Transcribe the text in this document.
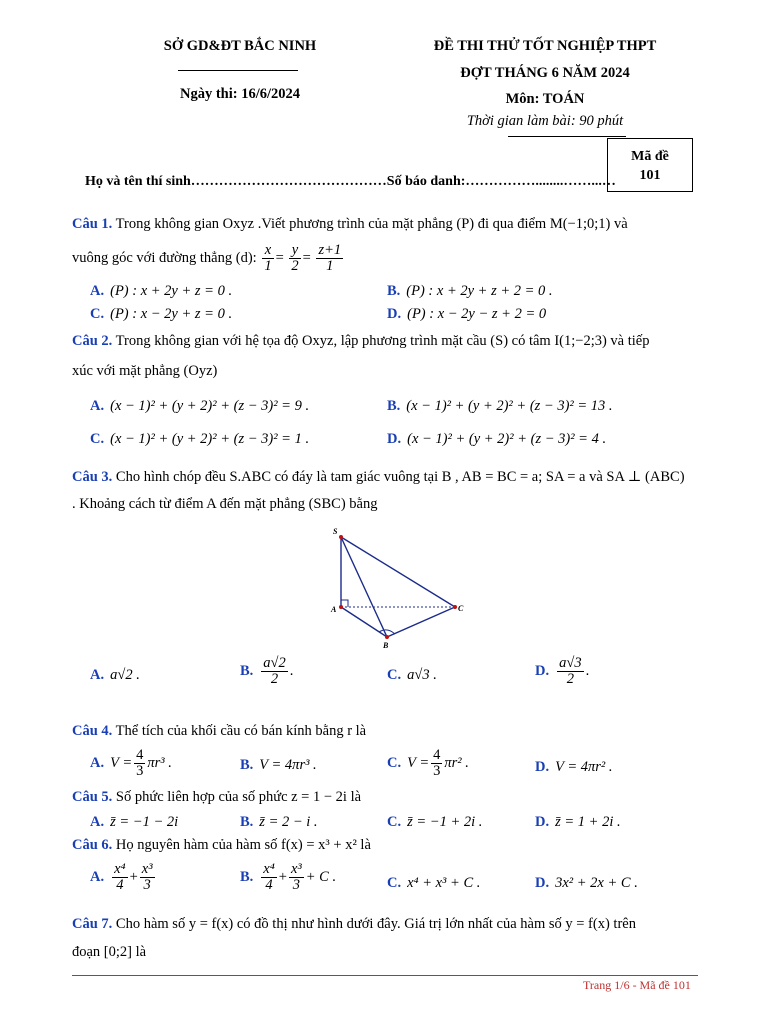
SỞ GD&ĐT BẮC NINH
Ngày thi: 16/6/2024
ĐỀ THI THỬ TỐT NGHIỆP THPT
ĐỢT THÁNG 6 NĂM 2024
Môn: TOÁN
Thời gian làm bài: 90 phút
Mã đề
101
Họ và tên thí sinh……………………………………Số báo danh:……………........……...…
Câu 1. Trong không gian Oxyz .Viết phương trình của mặt phẳng (P) đi qua điểm M(−1;0;1) và
vuông góc với đường thẳng (d): $\frac{x}{1} = \frac{y}{2} = \frac{z+1}{1}$
A. (P) : x + 2y + z = 0 .	B. (P) : x + 2y + z + 2 = 0 .
C. (P) : x − 2y + z = 0 .	D. (P) : x − 2y − z + 2 = 0
Câu 2. Trong không gian với hệ tọa độ Oxyz, lập phương trình mặt cầu (S) có tâm I(1;−2;3) và tiếp
xúc với mặt phẳng (Oyz)
A. (x − 1)² + (y + 2)² + (z − 3)² = 9 .	B. (x − 1)² + (y + 2)² + (z − 3)² = 13 .
C. (x − 1)² + (y + 2)² + (z − 3)² = 1 .	D. (x − 1)² + (y + 2)² + (z − 3)² = 4 .
Câu 3. Cho hình chóp đều S.ABC có đáy là tam giác vuông tại B , AB = BC = a; SA = a và SA ⊥ (ABC)
. Khoảng cách từ điểm A đến mặt phẳng (SBC) bằng
S
A
B
C
A. a√2 .	B. $\frac{a√2}{2}$ .	C. a√3 .	D. $\frac{a√3}{2}$ .
Câu 4. Thể tích của khối cầu có bán kính bằng r là
A. $V = \frac{4}{3} \pi r^3$ .	B. V = 4πr³ .	C. $V = \frac{4}{3} \pi r^2$ .	D. V = 4πr² .
Câu 5. Số phức liên hợp của số phức z = 1 − 2i là
A. z̄ = −1 − 2i	B. z̄ = 2 − i .	C. z̄ = −1 + 2i .	D. z̄ = 1 + 2i .
Câu 6. Họ nguyên hàm của hàm số f(x) = x³ + x² là
A. $\frac{\text{x⁴}}{4} + \frac{\text{x³}}{3}$	B. $\frac{\text{x⁴}}{4} + \frac{\text{x³}}{3} + C$ .	C. x⁴ + x³ + C .	D. 3x² + 2x + C .
Câu 7. Cho hàm số y = f(x) có đồ thị như hình dưới đây. Giá trị lớn nhất của hàm số y = f(x) trên
đoạn [0;2] là
Trang 1/6 - Mã đề 101
